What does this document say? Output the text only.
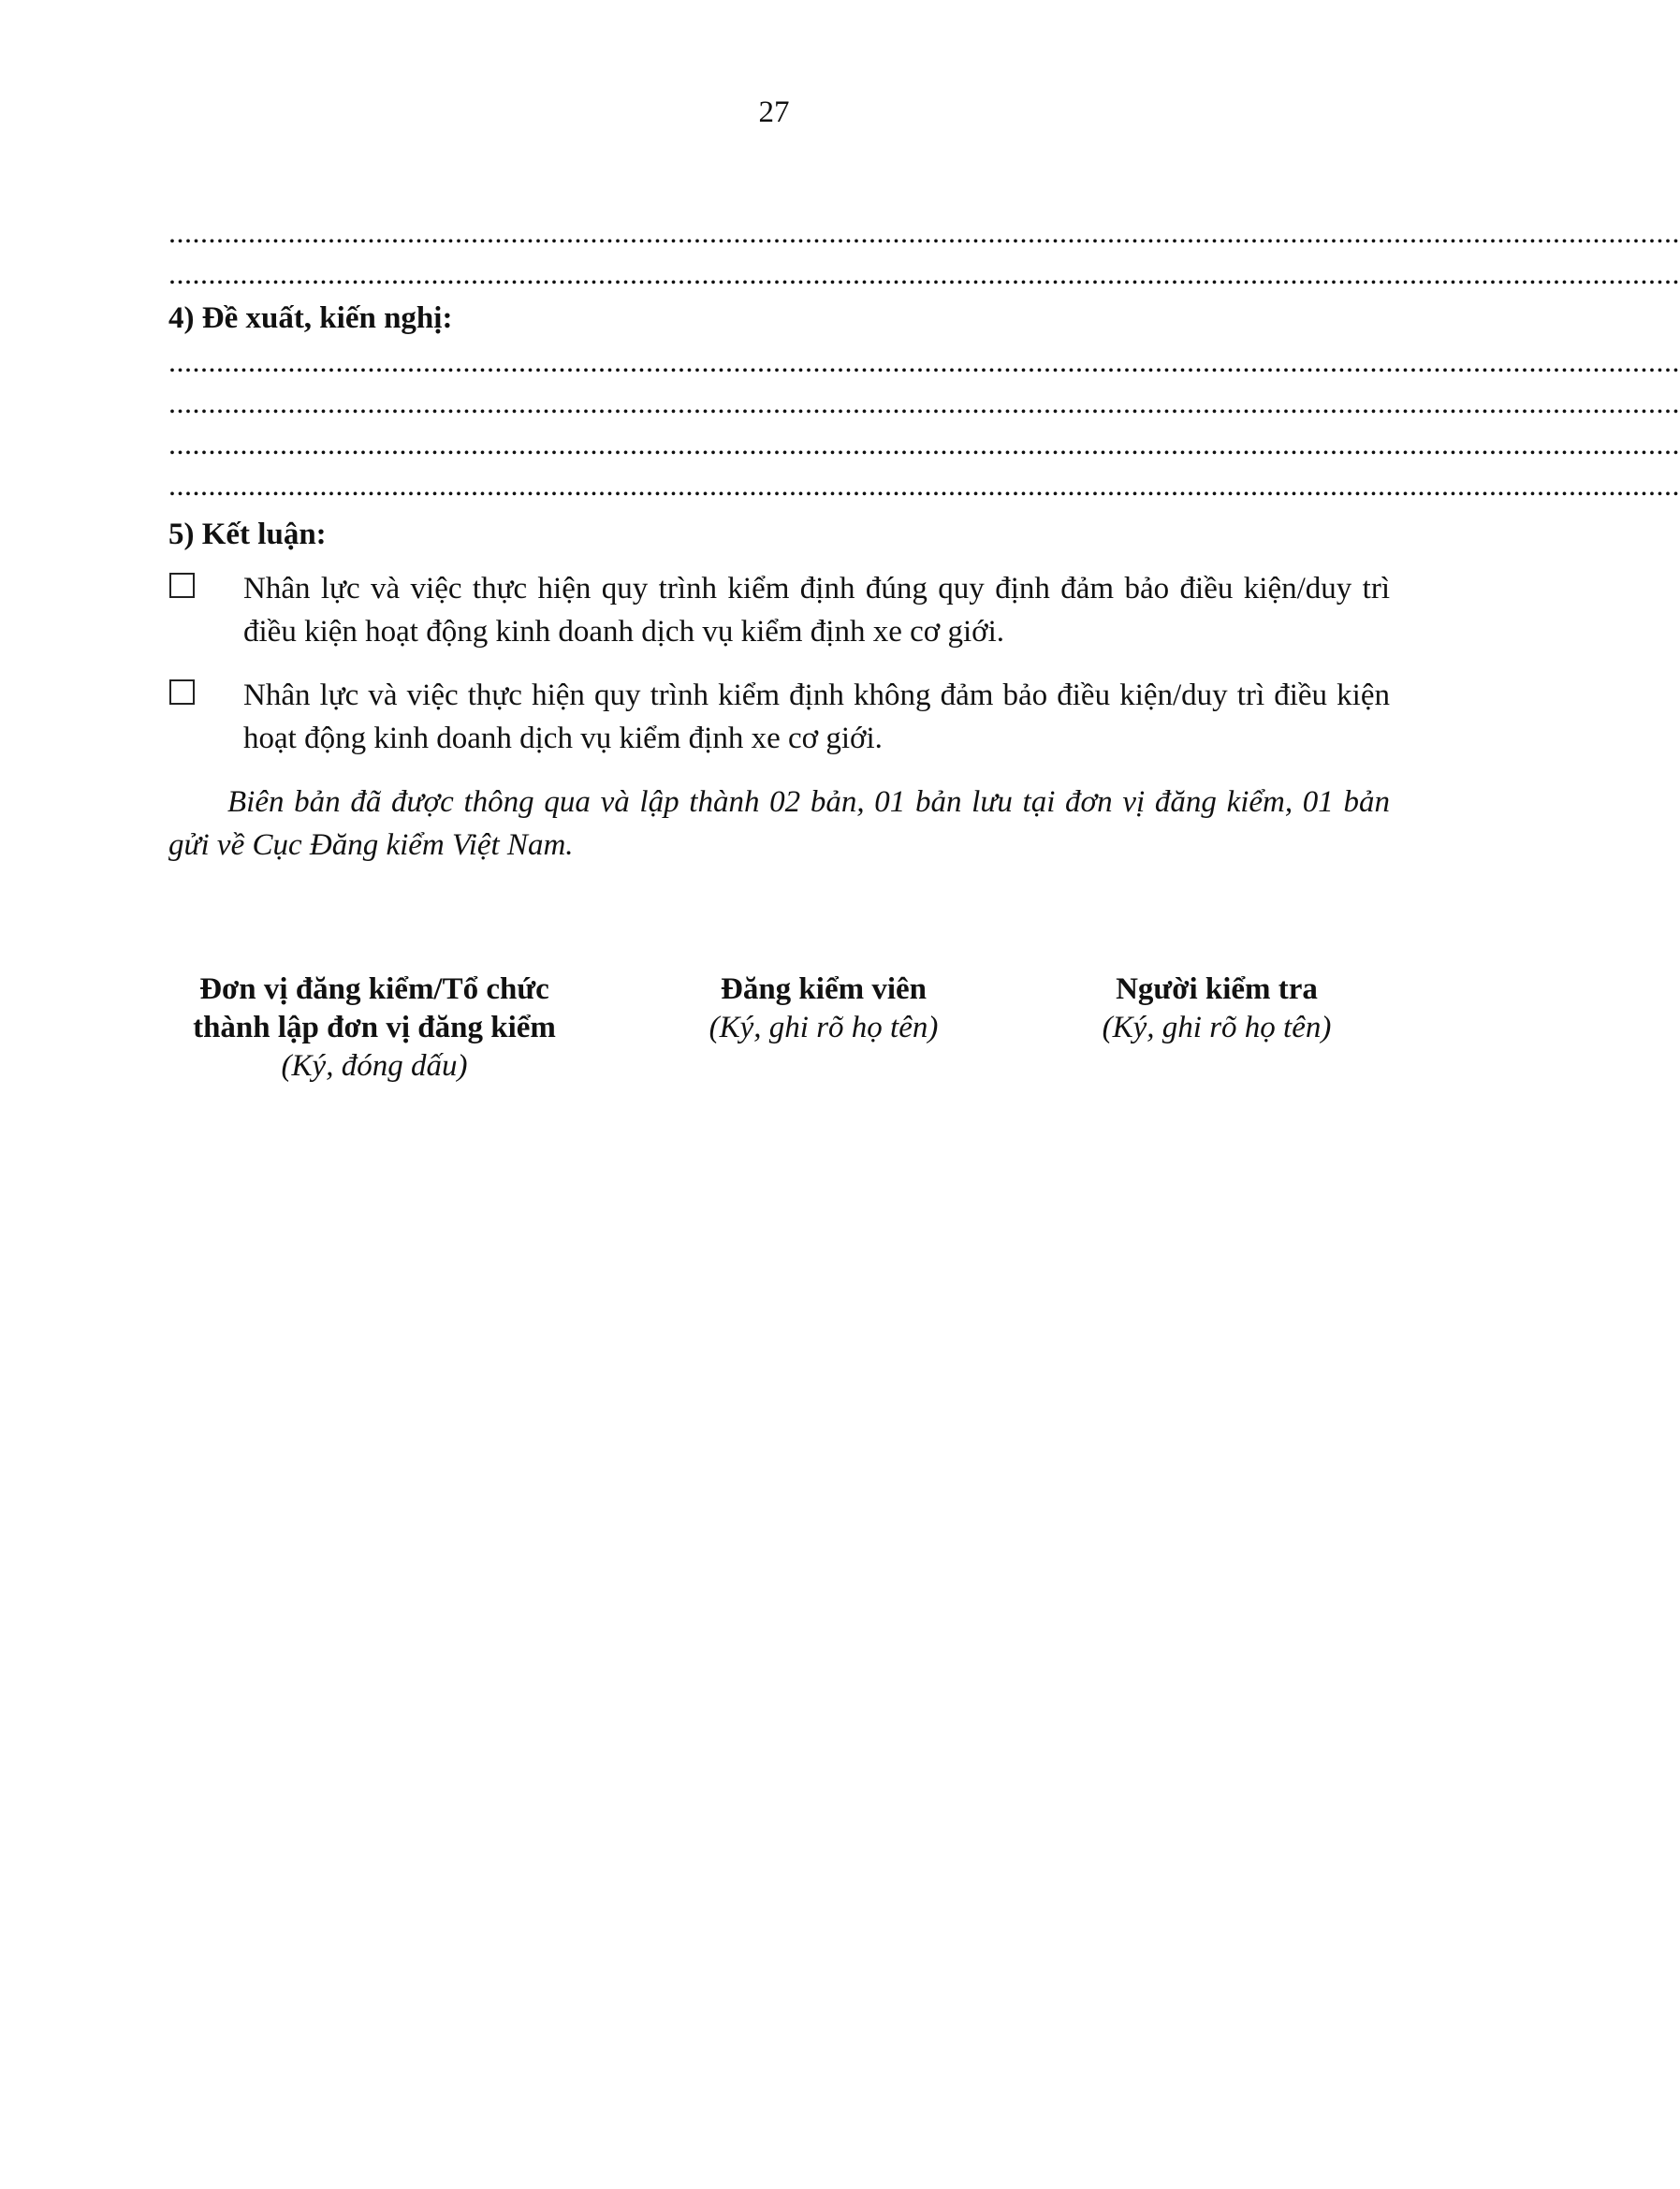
27
..............................................................................................................................................................................................
..............................................................................................................................................................................................
4) Đề xuất, kiến nghị:
..............................................................................................................................................................................................
..............................................................................................................................................................................................
..............................................................................................................................................................................................
..............................................................................................................................................................................................
5) Kết luận:
Nhân lực và việc thực hiện quy trình kiểm định đúng quy định đảm bảo điều kiện/duy trì điều kiện hoạt động kinh doanh dịch vụ kiểm định xe cơ giới.
Nhân lực và việc thực hiện quy trình kiểm định không đảm bảo điều kiện/duy trì điều kiện hoạt động kinh doanh dịch vụ kiểm định xe cơ giới.
Biên bản đã được thông qua và lập thành 02 bản, 01 bản lưu tại đơn vị đăng kiểm, 01 bản gửi về Cục Đăng kiểm Việt Nam.
Đơn vị đăng kiểm/Tổ chức
thành lập đơn vị đăng kiểm
(Ký, đóng dấu)
Đăng kiểm viên
(Ký, ghi rõ họ tên)
Người kiểm tra
(Ký, ghi rõ họ tên)
